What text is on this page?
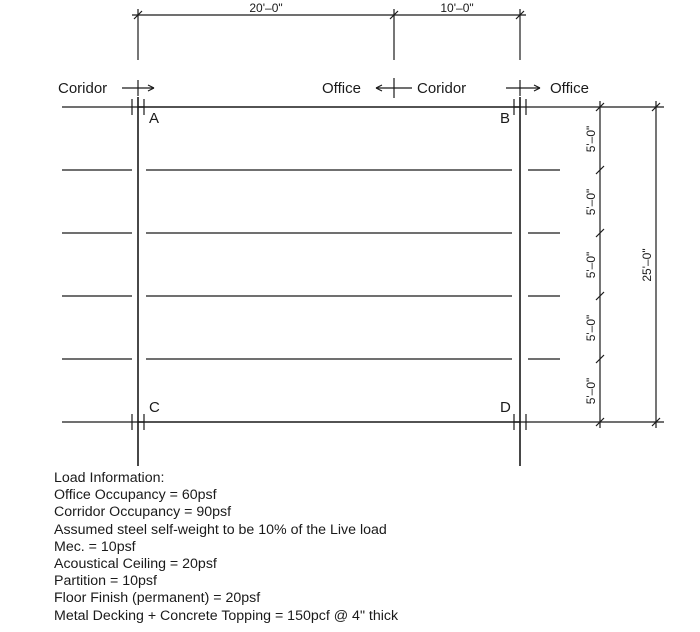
20'–0"	10'–0"
Coridor	Office	Coridor	Office
A	B
C	D
5'–0"
5'–0"
5'–0"
5'–0"
5'–0"
25'–0"
Load Information:
Office Occupancy = 60psf
Corridor Occupancy = 90psf
Assumed steel self-weight to be 10% of the Live load
Mec. = 10psf
Acoustical Ceiling = 20psf
Partition = 10psf
Floor Finish (permanent) = 20psf
Metal Decking + Concrete Topping = 150pcf @ 4" thick
